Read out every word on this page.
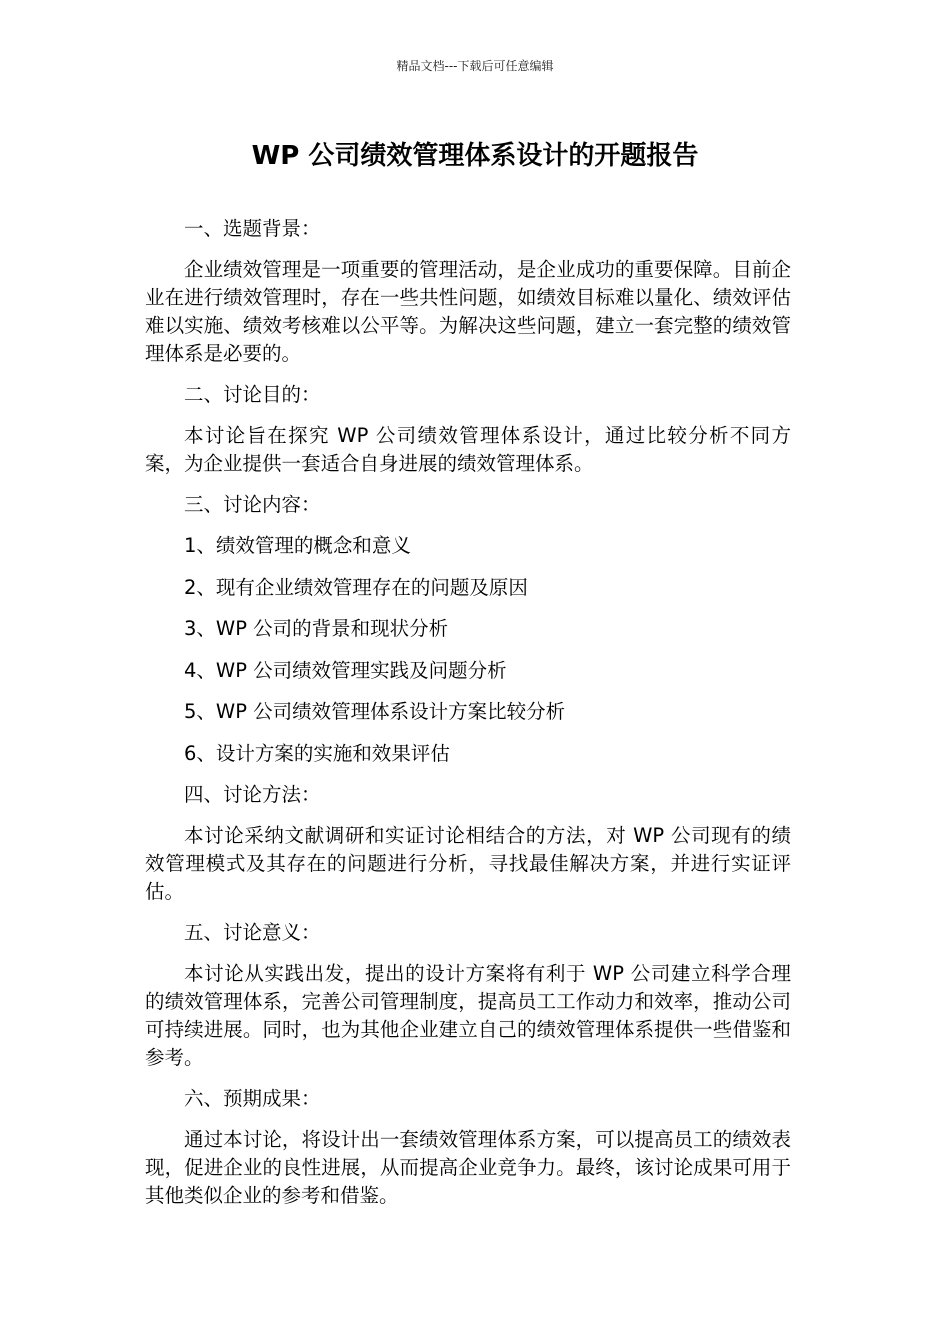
精品文档---下载后可任意编辑
WP 公司绩效管理体系设计的开题报告

一、选题背景：

企业绩效管理是一项重要的管理活动，是企业成功的重要保障。目前企业在进行绩效管理时，存在一些共性问题，如绩效目标难以量化、绩效评估难以实施、绩效考核难以公平等。为解决这些问题，建立一套完整的绩效管理体系是必要的。

二、讨论目的：

本讨论旨在探究 WP 公司绩效管理体系设计，通过比较分析不同方案，为企业提供一套适合自身进展的绩效管理体系。

三、讨论内容：

1、绩效管理的概念和意义

2、现有企业绩效管理存在的问题及原因

3、WP 公司的背景和现状分析

4、WP 公司绩效管理实践及问题分析

5、WP 公司绩效管理体系设计方案比较分析

6、设计方案的实施和效果评估

四、讨论方法：

本讨论采纳文献调研和实证讨论相结合的方法，对 WP 公司现有的绩效管理模式及其存在的问题进行分析，寻找最佳解决方案，并进行实证评估。

五、讨论意义：

本讨论从实践出发，提出的设计方案将有利于 WP 公司建立科学合理的绩效管理体系，完善公司管理制度，提高员工工作动力和效率，推动公司可持续进展。同时，也为其他企业建立自己的绩效管理体系提供一些借鉴和参考。

六、预期成果：

通过本讨论，将设计出一套绩效管理体系方案，可以提高员工的绩效表现，促进企业的良性进展，从而提高企业竞争力。最终，该讨论成果可用于其他类似企业的参考和借鉴。
